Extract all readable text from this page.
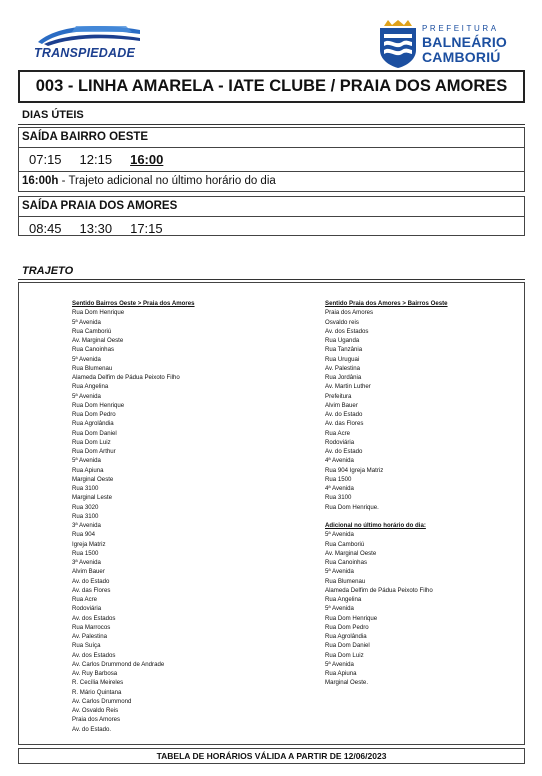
TRANSPIEDADE
PREFEITURA
BALNEÁRIO
CAMBORIÚ
003 - LINHA AMARELA - IATE CLUBE / PRAIA DOS AMORES
DIAS ÚTEIS
SAÍDA BAIRRO OESTE
07:15 12:15 16:00
16:00h - Trajeto adicional no último horário do dia
SAÍDA PRAIA DOS AMORES
08:45 13:30 17:15
TRAJETO
Sentido Bairros Oeste > Praia dos Amores
Rua Dom Henrique
5ª Avenida
Rua Camboriú
Av. Marginal Oeste
Rua Canoinhas
5ª Avenida
Rua Blumenau
Alameda Delfim de Pádua Peixoto Filho
Rua Angelina
5ª Avenida
Rua Dom Henrique
Rua Dom Pedro
Rua Agrolândia
Rua Dom Daniel
Rua Dom Luiz
Rua Dom Arthur
5ª Avenida
Rua Apiuna
Marginal Oeste
Rua 3100
Marginal Leste
Rua 3020
Rua 3100
3ª Avenida
Rua 904
Igreja Matriz
Rua 1500
3ª Avenida
Alvim Bauer
Av. do Estado
Av. das Flores
Rua Acre
Rodoviária
Av. dos Estados
Rua Marrocos
Av. Palestina
Rua Suíça
Av. dos Estados
Av. Carlos Drummond de Andrade
Av. Ruy Barbosa
R. Cecília Meireles
R. Mário Quintana
Av. Carlos Drummond
Av. Osvaldo Reis
Praia dos Amores
Av. do Estado.
Sentido Praia dos Amores > Bairros Oeste
Praia dos Amores
Osvaldo reis
Av. dos Estados
Rua Uganda
Rua Tanzânia
Rua Uruguai
Av. Palestina
Rua Jordânia
Av. Martin Luther
Prefeitura
Alvim Bauer
Av. do Estado
Av. das Flores
Rua Acre
Rodoviária
Av. do Estado
4ª Avenida
Rua 904 Igreja Matriz
Rua 1500
4ª Avenida
Rua 3100
Rua Dom Henrique.
Adicional no último horário do dia:
5ª Avenida
Rua Camboriú
Av. Marginal Oeste
Rua Canoinhas
5ª Avenida
Rua Blumenau
Alameda Delfim de Pádua Peixoto Filho
Rua Angelina
5ª Avenida
Rua Dom Henrique
Rua Dom Pedro
Rua Agrolândia
Rua Dom Daniel
Rua Dom Luiz
5ª Avenida
Rua Apiuna
Marginal Oeste.
TABELA DE HORÁRIOS VÁLIDA A PARTIR DE 12/06/2023
